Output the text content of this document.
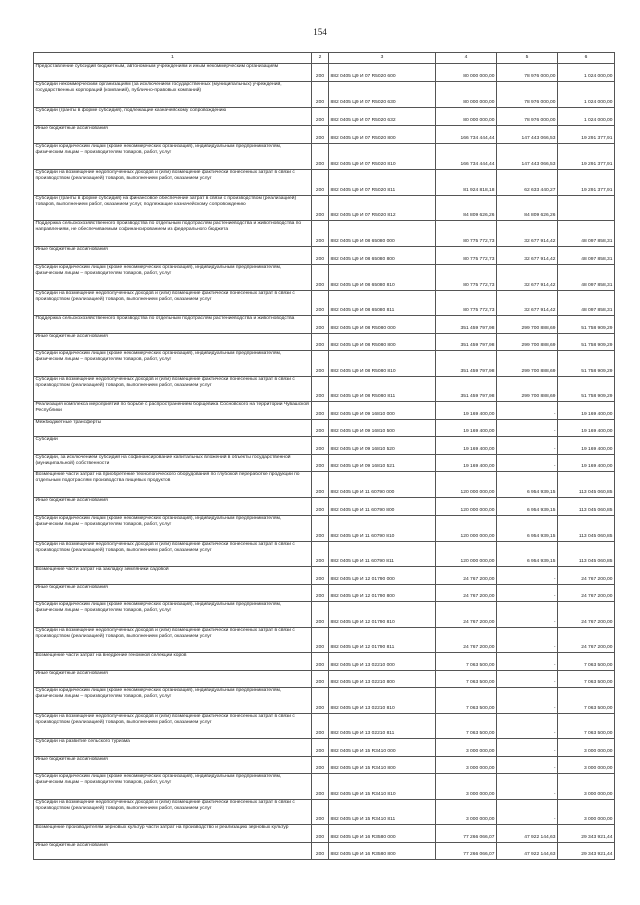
154
1	2	3	4	5	6
Предоставление субсидий бюджетным, автономным учреждениям и иным некоммерческим организациям	200	882 0405 Ц9 И 07 R5020 600	80 000 000,00	78 976 000,00	1 024 000,00
Субсидии некоммерческим организациям (за исключением государственных (муниципальных) учреждений, государственных корпораций (компаний), публично-правовых компаний)	200	882 0405 Ц9 И 07 R5020 630	80 000 000,00	78 976 000,00	1 024 000,00
Субсидии (гранты в форме субсидий), подлежащие казначейскому сопровождению	200	882 0405 Ц9 И 07 R5020 632	80 000 000,00	78 976 000,00	1 024 000,00
Иные бюджетные ассигнования	200	882 0405 Ц9 И 07 R5020 800	166 734 444,44	147 443 066,53	19 291 377,91
Субсидии юридическим лицам (кроме некоммерческих организаций), индивидуальным предпринимателям, физическим лицам – производителям товаров, работ, услуг	200	882 0405 Ц9 И 07 R5020 810	166 734 444,44	147 443 066,53	19 291 377,91
Субсидии на возмещение недополученных доходов и (или) возмещение фактически понесенных затрат в связи с производством (реализацией) товаров, выполнением работ, оказанием услуг	200	882 0405 Ц9 И 07 R5020 811	81 924 818,18	62 633 440,27	19 291 377,91
Субсидии (гранты в форме субсидий) на финансовое обеспечение затрат в связи с производством (реализацией) товаров, выполнением работ, оказанием услуг, подлежащие казначейскому сопровождению	200	882 0405 Ц9 И 07 R5020 812	84 809 626,26	84 809 626,26	
Поддержка сельскохозяйственного производства по отдельным подотраслям растениеводства и животноводства по направлениям, не обеспечиваемым софинансированием из федерального бюджета	200	882 0405 Ц9 И 08 65080 000	80 775 772,73	32 677 914,42	48 097 858,31
Иные бюджетные ассигнования	200	882 0405 Ц9 И 08 65080 800	80 775 772,73	32 677 914,42	48 097 858,31
Субсидии юридическим лицам (кроме некоммерческих организаций), индивидуальным предпринимателям, физическим лицам – производителям товаров, работ, услуг	200	882 0405 Ц9 И 08 65080 810	80 775 772,73	32 677 914,42	48 097 858,31
Субсидии на возмещение недополученных доходов и (или) возмещение фактически понесенных затрат в связи с производством (реализацией) товаров, выполнением работ, оказанием услуг	200	882 0405 Ц9 И 08 65080 811	80 775 772,73	32 677 914,42	48 097 858,31
Поддержка сельскохозяйственного производства по отдельным подотраслям растениеводства и животноводства	200	882 0405 Ц9 И 08 R5080 000	351 459 797,98	299 700 888,69	51 758 909,29
Иные бюджетные ассигнования	200	882 0405 Ц9 И 08 R5080 800	351 459 797,98	299 700 888,69	51 758 909,29
Субсидии юридическим лицам (кроме некоммерческих организаций), индивидуальным предпринимателям, физическим лицам – производителям товаров, работ, услуг	200	882 0405 Ц9 И 08 R5080 810	351 459 797,98	299 700 888,69	51 758 909,29
Субсидии на возмещение недополученных доходов и (или) возмещение фактически понесенных затрат в связи с производством (реализацией) товаров, выполнением работ, оказанием услуг	200	882 0405 Ц9 И 08 R5080 811	351 459 797,98	299 700 888,69	51 758 909,29
Реализация комплекса мероприятий по борьбе с распространением борщевика Сосновского на территории Чувашской Республики	200	882 0405 Ц9 И 09 16810 000	19 169 400,00	-	19 169 400,00
Межбюджетные трансферты	200	882 0405 Ц9 И 09 16810 500	19 169 400,00	-	19 169 400,00
Субсидии	200	882 0405 Ц9 И 09 16810 520	19 169 400,00	-	19 169 400,00
Субсидии, за исключением субсидий на софинансирование капитальных вложений в объекты государственной (муниципальной) собственности	200	882 0405 Ц9 И 09 16810 521	19 169 400,00	-	19 169 400,00
Возмещение части затрат на приобретение технологического оборудования по глубокой переработке продукции по отдельным подотраслям производства пищевых продуктов	200	882 0405 Ц9 И 11 60790 000	120 000 000,00	6 954 939,15	113 045 060,85
Иные бюджетные ассигнования	200	882 0405 Ц9 И 11 60790 800	120 000 000,00	6 954 939,15	113 045 060,85
Субсидии юридическим лицам (кроме некоммерческих организаций), индивидуальным предпринимателям, физическим лицам – производителям товаров, работ, услуг	200	882 0405 Ц9 И 11 60790 810	120 000 000,00	6 954 939,15	113 045 060,85
Субсидии на возмещение недополученных доходов и (или) возмещение фактически понесенных затрат в связи с производством (реализацией) товаров, выполнением работ, оказанием услуг	200	882 0405 Ц9 И 11 60790 811	120 000 000,00	6 954 939,15	113 045 060,85
Возмещение части затрат на закладку земляники садовой	200	882 0405 Ц9 И 12 01790 000	24 767 200,00	-	24 767 200,00
Иные бюджетные ассигнования	200	882 0405 Ц9 И 12 01790 800	24 767 200,00	-	24 767 200,00
Субсидии юридическим лицам (кроме некоммерческих организаций), индивидуальным предпринимателям, физическим лицам – производителям товаров, работ, услуг	200	882 0405 Ц9 И 12 01790 810	24 767 200,00	-	24 767 200,00
Субсидии на возмещение недополученных доходов и (или) возмещение фактически понесенных затрат в связи с производством (реализацией) товаров, выполнением работ, оказанием услуг	200	882 0405 Ц9 И 12 01790 811	24 767 200,00	-	24 767 200,00
Возмещение части затрат на внедрение геномной селекции коров	200	882 0405 Ц9 И 13 02210 000	7 063 500,00	-	7 063 500,00
Иные бюджетные ассигнования	200	882 0405 Ц9 И 13 02210 800	7 063 500,00	-	7 063 500,00
Субсидии юридическим лицам (кроме некоммерческих организаций), индивидуальным предпринимателям, физическим лицам – производителям товаров, работ, услуг	200	882 0405 Ц9 И 13 02210 810	7 063 500,00	-	7 063 500,00
Субсидии на возмещение недополученных доходов и (или) возмещение фактически понесенных затрат в связи с производством (реализацией) товаров, выполнением работ, оказанием услуг	200	882 0405 Ц9 И 13 02210 811	7 063 500,00	-	7 063 500,00
Субсидии на развитие сельского туризма	200	882 0405 Ц9 И 15 R3410 000	3 000 000,00	-	3 000 000,00
Иные бюджетные ассигнования	200	882 0405 Ц9 И 15 R3410 800	3 000 000,00	-	3 000 000,00
Субсидии юридическим лицам (кроме некоммерческих организаций), индивидуальным предпринимателям, физическим лицам – производителям товаров, работ, услуг	200	882 0405 Ц9 И 15 R3410 810	3 000 000,00	-	3 000 000,00
Субсидии на возмещение недополученных доходов и (или) возмещение фактически понесенных затрат в связи с производством (реализацией) товаров, выполнением работ, оказанием услуг	200	882 0405 Ц9 И 15 R3410 811	3 000 000,00	-	3 000 000,00
Возмещение производителям зерновых культур части затрат на производство и реализацию зерновых культур	200	882 0405 Ц9 И 16 R3580 000	77 266 066,07	47 922 144,63	29 343 921,44
Иные бюджетные ассигнования	200	882 0405 Ц9 И 16 R3580 800	77 266 066,07	47 922 144,63	29 343 921,44
